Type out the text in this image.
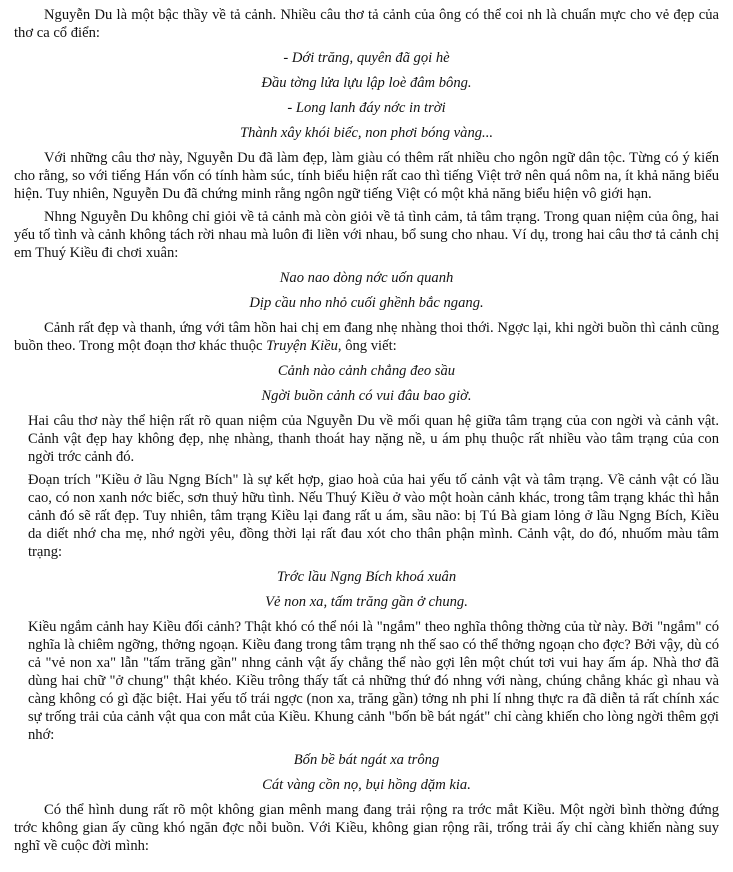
Nguyễn Du là một bậc thầy về tả cảnh. Nhiều câu thơ tả cảnh của ông có thể coi nh là chuẩn mực cho vẻ đẹp của thơ ca cổ điển:

- Dới trăng, quyên đã gọi hè

Đầu tờng lửa lựu lập loè đâm bông.

- Long lanh đáy nớc in trời

Thành xây khói biếc, non phơi bóng vàng...

Với những câu thơ này, Nguyễn Du đã làm đẹp, làm giàu có thêm rất nhiều cho ngôn ngữ dân tộc. Từng có ý kiến cho rằng, so với tiếng Hán vốn có tính hàm súc, tính biểu hiện rất cao thì tiếng Việt trở nên quá nôm na, ít khả năng biểu hiện. Tuy nhiên, Nguyễn Du đã chứng minh rằng ngôn ngữ tiếng Việt có một khả năng biểu hiện vô giới hạn.

Nhng Nguyễn Du không chỉ giỏi về tả cảnh mà còn giỏi về tả tình cảm, tả tâm trạng. Trong quan niệm của ông, hai yếu tố tình và cảnh không tách rời nhau mà luôn đi liền với nhau, bổ sung cho nhau. Ví dụ, trong hai câu thơ tả cảnh chị em Thuý Kiều đi chơi xuân:

Nao nao dòng nớc uốn quanh

Dịp cầu nho nhỏ cuối ghềnh bắc ngang.

Cảnh rất đẹp và thanh, ứng với tâm hồn hai chị em đang nhẹ nhàng thoi thới. Ngợc lại, khi ngời buồn thì cảnh cũng buồn theo. Trong một đoạn thơ khác thuộc Truyện Kiều, ông viết:

Cảnh nào cảnh chẳng đeo sầu

Ngời buồn cảnh có vui đâu bao giờ.

Hai câu thơ này thể hiện rất rõ quan niệm của Nguyễn Du về mối quan hệ giữa tâm trạng của con ngời và cảnh vật. Cảnh vật đẹp hay không đẹp, nhẹ nhàng, thanh thoát hay nặng nề, u ám phụ thuộc rất nhiều vào tâm trạng của con ngời trớc cảnh đó.

Đoạn trích "Kiều ở lầu Ngng Bích" là sự kết hợp, giao hoà của hai yếu tố cảnh vật và tâm trạng. Về cảnh vật có lầu cao, có non xanh nớc biếc, sơn thuỷ hữu tình. Nếu Thuý Kiều ở vào một hoàn cảnh khác, trong tâm trạng khác thì hẳn cảnh đó sẽ rất đẹp. Tuy nhiên, tâm trạng Kiều lại đang rất u ám, sầu não: bị Tú Bà giam lỏng ở lầu Ngng Bích, Kiều da diết nhớ cha mẹ, nhớ ngời yêu, đồng thời lại rất đau xót cho thân phận mình. Cảnh vật, do đó, nhuốm màu tâm trạng:

Trớc lầu Ngng Bích khoá xuân

Vẻ non xa, tấm trăng gần ở chung.

Kiều ngắm cảnh hay Kiều đối cảnh? Thật khó có thể nói là "ngắm" theo nghĩa thông thờng của từ này. Bởi "ngắm" có nghĩa là chiêm ngỡng, thởng ngoạn. Kiều đang trong tâm trạng nh thế sao có thể thởng ngoạn cho đợc? Bởi vậy, dù có cả "vẻ non xa" lẫn "tấm trăng gần" nhng cảnh vật ấy chẳng thể nào gợi lên một chút tơi vui hay ấm áp. Nhà thơ đã dùng hai chữ "ở chung" thật khéo. Kiều trông thấy tất cả những thứ đó nhng với nàng, chúng chẳng khác gì nhau và càng không có gì đặc biệt. Hai yếu tố trái ngợc (non xa, trăng gần) tởng nh phi lí nhng thực ra đã diễn tả rất chính xác sự trống trải của cảnh vật qua con mắt của Kiều. Khung cảnh "bốn bề bát ngát" chỉ càng khiến cho lòng ngời thêm gợi nhớ:

Bốn bề bát ngát xa trông

Cát vàng cồn nọ, bụi hồng dặm kia.

Có thể hình dung rất rõ một không gian mênh mang đang trải rộng ra trớc mắt Kiều. Một ngời bình thờng đứng trớc không gian ấy cũng khó ngăn đợc nỗi buồn. Với Kiều, không gian rộng rãi, trống trải ấy chỉ càng khiến nàng suy nghĩ về cuộc đời mình:
